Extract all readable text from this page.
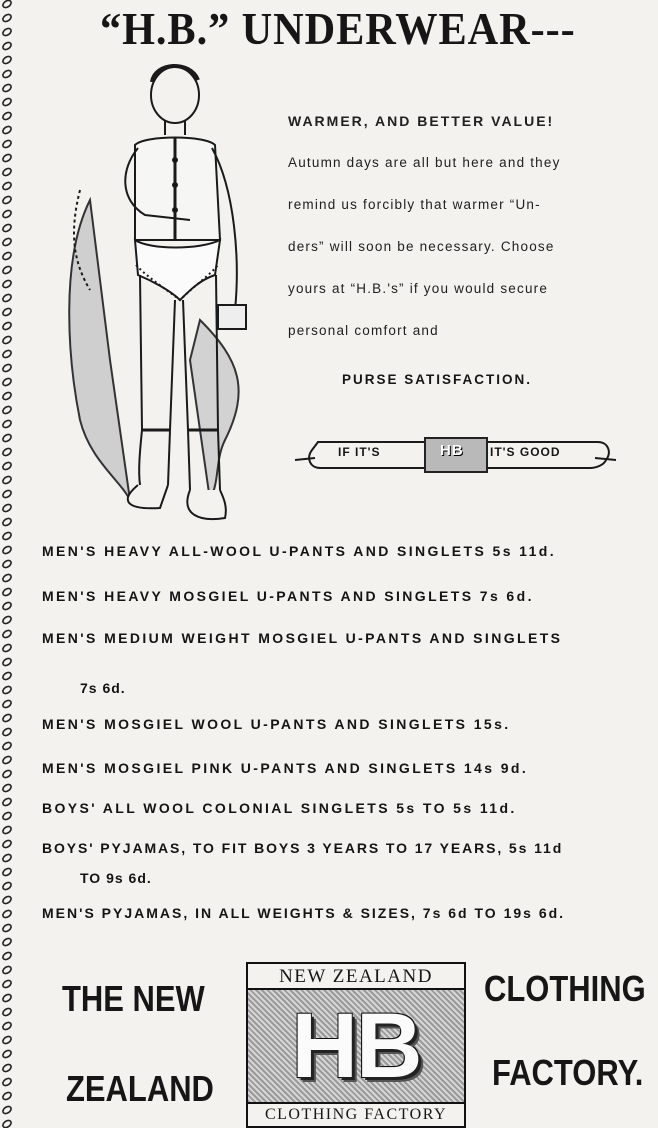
“H.B.” UNDERWEAR---

WARMER, AND BETTER VALUE!

Autumn days are all but here and they

remind us forcibly that warmer “Un-

ders” will soon be necessary. Choose

yours at “H.B.'s” if you would secure

personal comfort and

PURSE SATISFACTION.
IF IT'S	HB IT'S GOOD
MEN'S HEAVY ALL-WOOL U-PANTS AND SINGLETS 5s 11d.
MEN'S HEAVY MOSGIEL U-PANTS AND SINGLETS 7s 6d.
MEN'S MEDIUM WEIGHT MOSGIEL U-PANTS AND SINGLETS
7s 6d.
MEN'S MOSGIEL WOOL U-PANTS AND SINGLETS 15s.
MEN'S MOSGIEL PINK U-PANTS AND SINGLETS 14s 9d.
BOYS' ALL WOOL COLONIAL SINGLETS 5s TO 5s 11d.
BOYS' PYJAMAS, TO FIT BOYS 3 YEARS TO 17 YEARS, 5s 11d
TO 9s 6d.
MEN'S PYJAMAS, IN ALL WEIGHTS & SIZES, 7s 6d TO 19s 6d.
THE NEW
ZEALAND
CLOTHING
FACTORY.
NEW ZEALAND
HB
CLOTHING FACTORY
